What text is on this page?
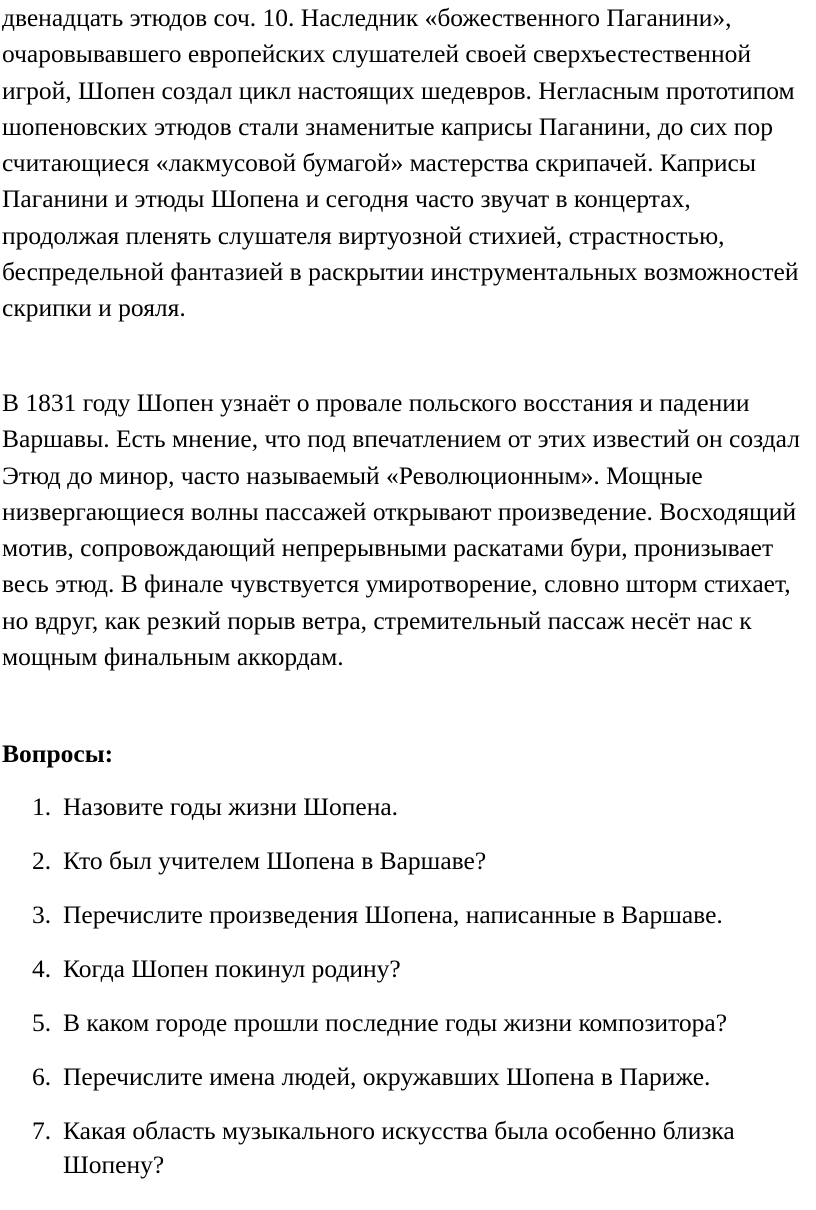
двенадцать этюдов соч. 10. Наследник «божественного Паганини», очаровывавшего европейских слушателей своей сверхъестественной игрой, Шопен создал цикл настоящих шедевров. Негласным прототипом шопеновских этюдов стали знаменитые каприсы Паганини, до сих пор считающиеся «лакмусовой бумагой» мастерства скрипачей. Каприсы Паганини и этюды Шопена и сегодня часто звучат в концертах, продолжая пленять слушателя виртуозной стихией, страстностью, беспредельной фантазией в раскрытии инструментальных возможностей скрипки и рояля.

В 1831 году Шопен узнаёт о провале польского восстания и падении Варшавы. Есть мнение, что под впечатлением от этих известий он создал Этюд до минор, часто называемый «Революционным». Мощные низвергающиеся волны пассажей открывают произведение. Восходящий мотив, сопровождающий непрерывными раскатами бури, пронизывает весь этюд. В финале чувствуется умиротворение, словно шторм стихает, но вдруг, как резкий порыв ветра, стремительный пассаж несёт нас к мощным финальным аккордам.

Вопросы:

1. Назовите годы жизни Шопена.
2. Кто был учителем Шопена в Варшаве?
3. Перечислите произведения Шопена, написанные в Варшаве.
4. Когда Шопен покинул родину?
5. В каком городе прошли последние годы жизни композитора?
6. Перечислите имена людей, окружавших Шопена в Париже.
7. Какая область музыкального искусства была особенно близка Шопену?
